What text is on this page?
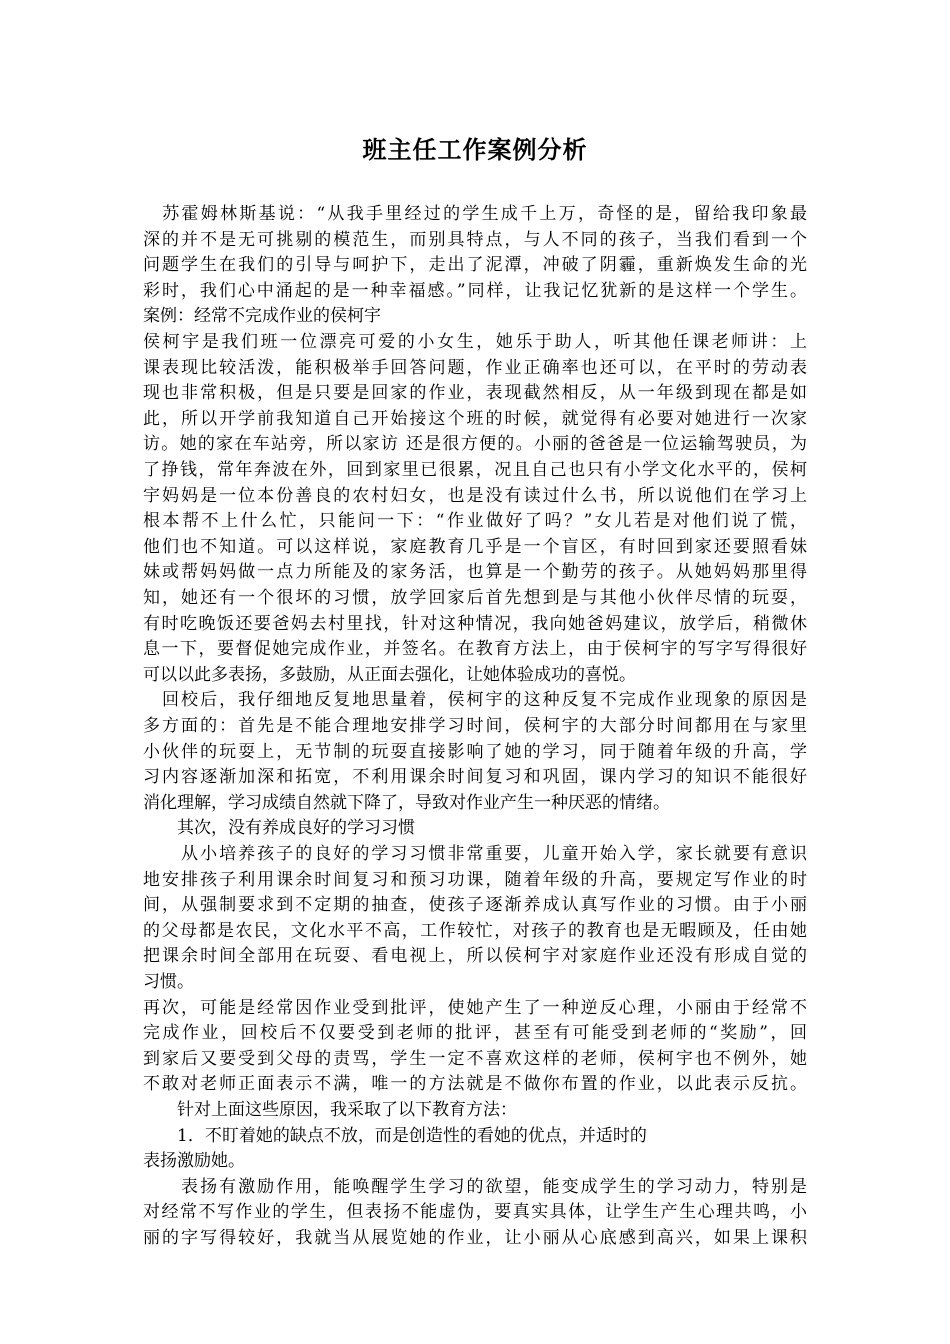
班主任工作案例分析
　苏霍姆林斯基说：“从我手里经过的学生成千上万，奇怪的是，留给我印象最
深的并不是无可挑剔的模范生，而别具特点，与人不同的孩子，当我们看到一个
问题学生在我们的引导与呵护下，走出了泥潭，冲破了阴霾，重新焕发生命的光
彩时，我们心中涌起的是一种幸福感。”同样，让我记忆犹新的是这样一个学生。
案例：经常不完成作业的侯柯宇
侯柯宇是我们班一位漂亮可爱的小女生，她乐于助人，听其他任课老师讲：上
课表现比较活泼，能积极举手回答问题，作业正确率也还可以，在平时的劳动表
现也非常积极，但是只要是回家的作业，表现截然相反，从一年级到现在都是如
此，所以开学前我知道自己开始接这个班的时候，就觉得有必要对她进行一次家
访。她的家在车站旁，所以家访 还是很方便的。小丽的爸爸是一位运输驾驶员，为
了挣钱，常年奔波在外，回到家里已很累，况且自己也只有小学文化水平的，侯柯
宇妈妈是一位本份善良的农村妇女，也是没有读过什么书，所以说他们在学习上
根本帮不上什么忙，只能问一下：“作业做好了吗？”女儿若是对他们说了慌，
他们也不知道。可以这样说，家庭教育几乎是一个盲区，有时回到家还要照看妹
妹或帮妈妈做一点力所能及的家务活，也算是一个勤劳的孩子。从她妈妈那里得
知，她还有一个很坏的习惯，放学回家后首先想到是与其他小伙伴尽情的玩耍，
有时吃晚饭还要爸妈去村里找，针对这种情况，我向她爸妈建议，放学后，稍微休
息一下，要督促她完成作业，并签名。在教育方法上，由于侯柯宇的写字写得很好
可以以此多表扬，多鼓励，从正面去强化，让她体验成功的喜悦。
　回校后，我仔细地反复地思量着，侯柯宇的这种反复不完成作业现象的原因是
多方面的：首先是不能合理地安排学习时间，侯柯宇的大部分时间都用在与家里
小伙伴的玩耍上，无节制的玩耍直接影响了她的学习，同于随着年级的升高，学
习内容逐渐加深和拓宽，不利用课余时间复习和巩固，课内学习的知识不能很好
消化理解，学习成绩自然就下降了，导致对作业产生一种厌恶的情绪。
　　其次，没有养成良好的学习习惯
　　从小培养孩子的良好的学习习惯非常重要，儿童开始入学，家长就要有意识
地安排孩子利用课余时间复习和预习功课，随着年级的升高，要规定写作业的时
间，从强制要求到不定期的抽查，使孩子逐渐养成认真写作业的习惯。由于小丽
的父母都是农民，文化水平不高，工作较忙，对孩子的教育也是无暇顾及，任由她
把课余时间全部用在玩耍、看电视上，所以侯柯宇对家庭作业还没有形成自觉的
习惯。
再次，可能是经常因作业受到批评，使她产生了一种逆反心理，小丽由于经常不
完成作业，回校后不仅要受到老师的批评，甚至有可能受到老师的“奖励”，回
到家后又要受到父母的责骂，学生一定不喜欢这样的老师，侯柯宇也不例外，她
不敢对老师正面表示不满，唯一的方法就是不做你布置的作业，以此表示反抗。
　　针对上面这些原因，我采取了以下教育方法：
　　1．不盯着她的缺点不放，而是创造性的看她的优点，并适时的
表扬激励她。
　　表扬有激励作用，能唤醒学生学习的欲望，能变成学生的学习动力，特别是
对经常不写作业的学生，但表扬不能虚伪，要真实具体，让学生产生心理共鸣，小
丽的字写得较好，我就当从展览她的作业，让小丽从心底感到高兴，如果上课积
